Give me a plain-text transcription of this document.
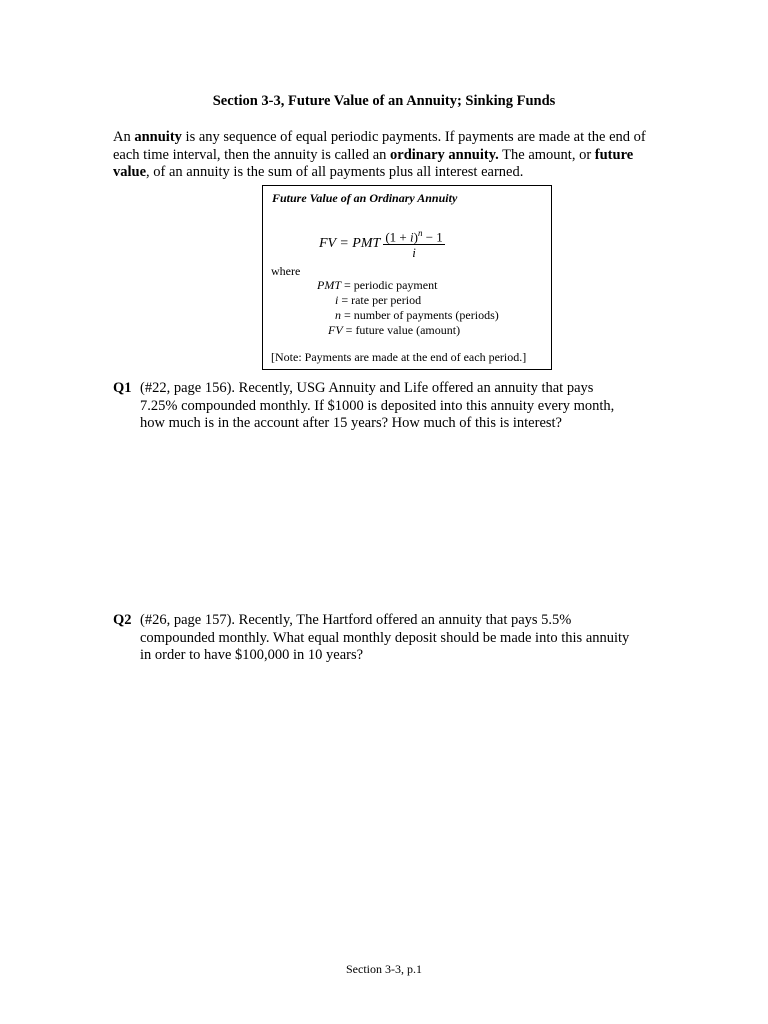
Section 3-3, Future Value of an Annuity; Sinking Funds
An annuity is any sequence of equal periodic payments. If payments are made at the end of each time interval, then the annuity is called an ordinary annuity. The amount, or future value, of an annuity is the sum of all payments plus all interest earned.
Future Value of an Ordinary Annuity
FV = PMT $\frac{(1 + i)^n - 1}{i}$
where
PMT = periodic payment
i = rate per period
n = number of payments (periods)
FV = future value (amount)
[Note: Payments are made at the end of each period.]
Q1 (#22, page 156). Recently, USG Annuity and Life offered an annuity that pays
7.25% compounded monthly. If $1000 is deposited into this annuity every month,
how much is in the account after 15 years? How much of this is interest?
Q2 (#26, page 157). Recently, The Hartford offered an annuity that pays 5.5%
compounded monthly. What equal monthly deposit should be made into this annuity
in order to have $100,000 in 10 years?
Section 3-3, p.1
